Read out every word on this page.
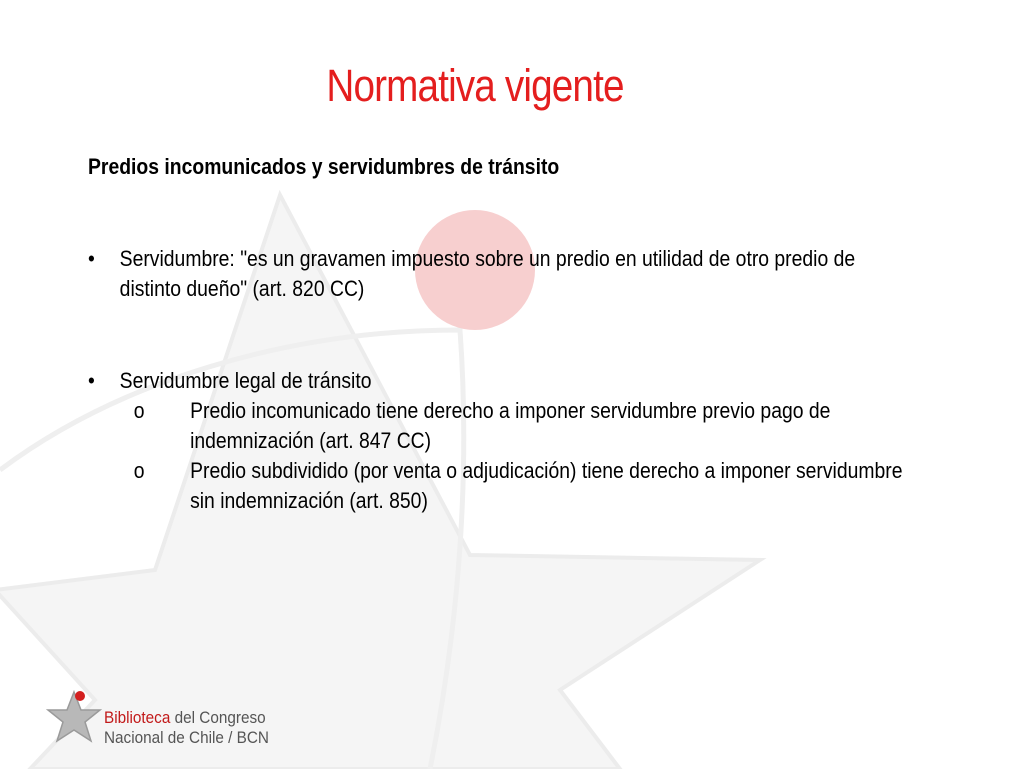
Normativa vigente
Predios incomunicados y servidumbres de tránsito
• Servidumbre: "es un gravamen impuesto sobre un predio en utilidad de otro predio de distinto dueño" (art. 820 CC)
• Servidumbre legal de tránsito
o Predio incomunicado tiene derecho a imponer servidumbre previo pago de indemnización (art. 847 CC)
o Predio subdividido (por venta o adjudicación) tiene derecho a imponer servidumbre sin indemnización (art. 850)
Biblioteca del Congreso
Nacional de Chile / BCN
